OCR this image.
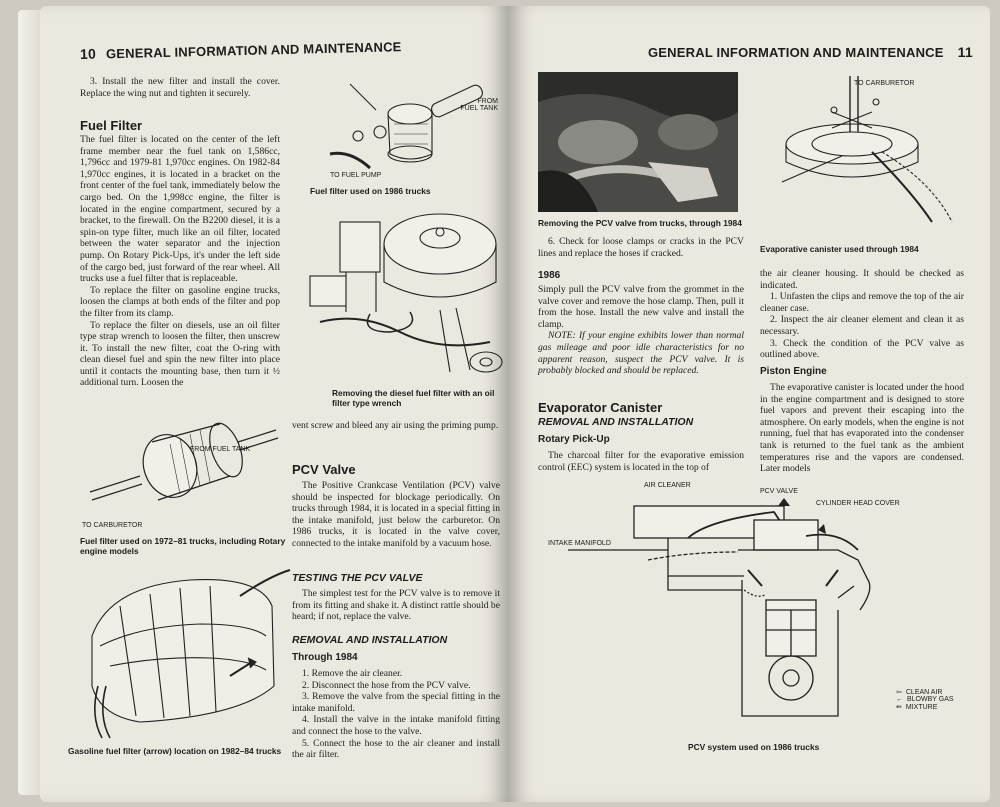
10 GENERAL INFORMATION AND MAINTENANCE

3. Install the new filter and install the cover. Replace the wing nut and tighten it securely.

Fuel Filter

The fuel filter is located on the center of the left frame member near the fuel tank on 1,586cc, 1,796cc and 1979-81 1,970cc engines. On 1982-84 1,970cc engines, it is located in a bracket on the front center of the fuel tank, immediately below the cargo bed. On the 1,998cc engine, the filter is located in the engine compartment, secured by a bracket, to the firewall. On the B2200 diesel, it is a spin-on type filter, much like an oil filter, located between the water separator and the injection pump. On Rotary Pick-Ups, it's under the left side of the cargo bed, just forward of the rear wheel. All trucks use a fuel filter that is replaceable.

To replace the filter on gasoline engine trucks, loosen the clamps at both ends of the filter and pop the filter from its clamp.

To replace the filter on diesels, use an oil filter type strap wrench to loosen the filter, then unscrew it. To install the new filter, coat the O-ring with clean diesel fuel and spin the new filter into place until it contacts the mounting base, then turn it ½ additional turn. Loosen the

FROM FUEL TANK
TO CARBURETOR
Fuel filter used on 1972–81 trucks, including Rotary engine models
Gasoline fuel filter (arrow) location on 1982–84 trucks
FROM FUEL TANK
TO FUEL PUMP
Fuel filter used on 1986 trucks
Removing the diesel fuel filter with an oil filter type wrench

vent screw and bleed any air using the priming pump.

PCV Valve

The Positive Crankcase Ventilation (PCV) valve should be inspected for blockage periodically. On trucks through 1984, it is located in a special fitting in the intake manifold, just below the carburetor. On 1986 trucks, it is located in the valve cover, connected to the intake manifold by a vacuum hose.

TESTING THE PCV VALVE

The simplest test for the PCV valve is to remove it from its fitting and shake it. A distinct rattle should be heard; if not, replace the valve.

REMOVAL AND INSTALLATION
Through 1984

1. Remove the air cleaner.

2. Disconnect the hose from the PCV valve.

3. Remove the valve from the special fitting in the intake manifold.

4. Install the valve in the intake manifold fitting and connect the hose to the valve.

5. Connect the hose to the air cleaner and install the air filter.

GENERAL INFORMATION AND MAINTENANCE 11
Removing the PCV valve from trucks, through 1984

6. Check for loose clamps or cracks in the PCV lines and replace the hoses if cracked.

1986

Simply pull the PCV valve from the grommet in the valve cover and remove the hose clamp. Then, pull it from the hose. Install the new valve and install the clamp.

NOTE: If your engine exhibits lower than normal gas mileage and poor idle characteristics for no apparent reason, suspect the PCV valve. It is probably blocked and should be replaced.

Evaporator Canister
REMOVAL AND INSTALLATION
Rotary Pick-Up

The charcoal filter for the evaporative emission control (EEC) system is located in the top of

TO CARBURETOR
Evaporative canister used through 1984

the air cleaner housing. It should be checked as indicated.

1. Unfasten the clips and remove the top of the air cleaner case.

2. Inspect the air cleaner element and clean it as necessary.

3. Check the condition of the PCV valve as outlined above.

Piston Engine

The evaporative canister is located under the hood in the engine compartment and is designed to store fuel vapors and prevent their escaping into the atmosphere. On early models, when the engine is not running, fuel that has evaporated into the condenser tank is returned to the fuel tank as the ambient temperatures rise and the vapors are condensed. Later models

AIR CLEANER
PCV VALVE
CYLINDER HEAD COVER
INTAKE MANIFOLD
⇦ CLEAN AIR
← BLOWBY GAS
⇚ MIXTURE
PCV system used on 1986 trucks
